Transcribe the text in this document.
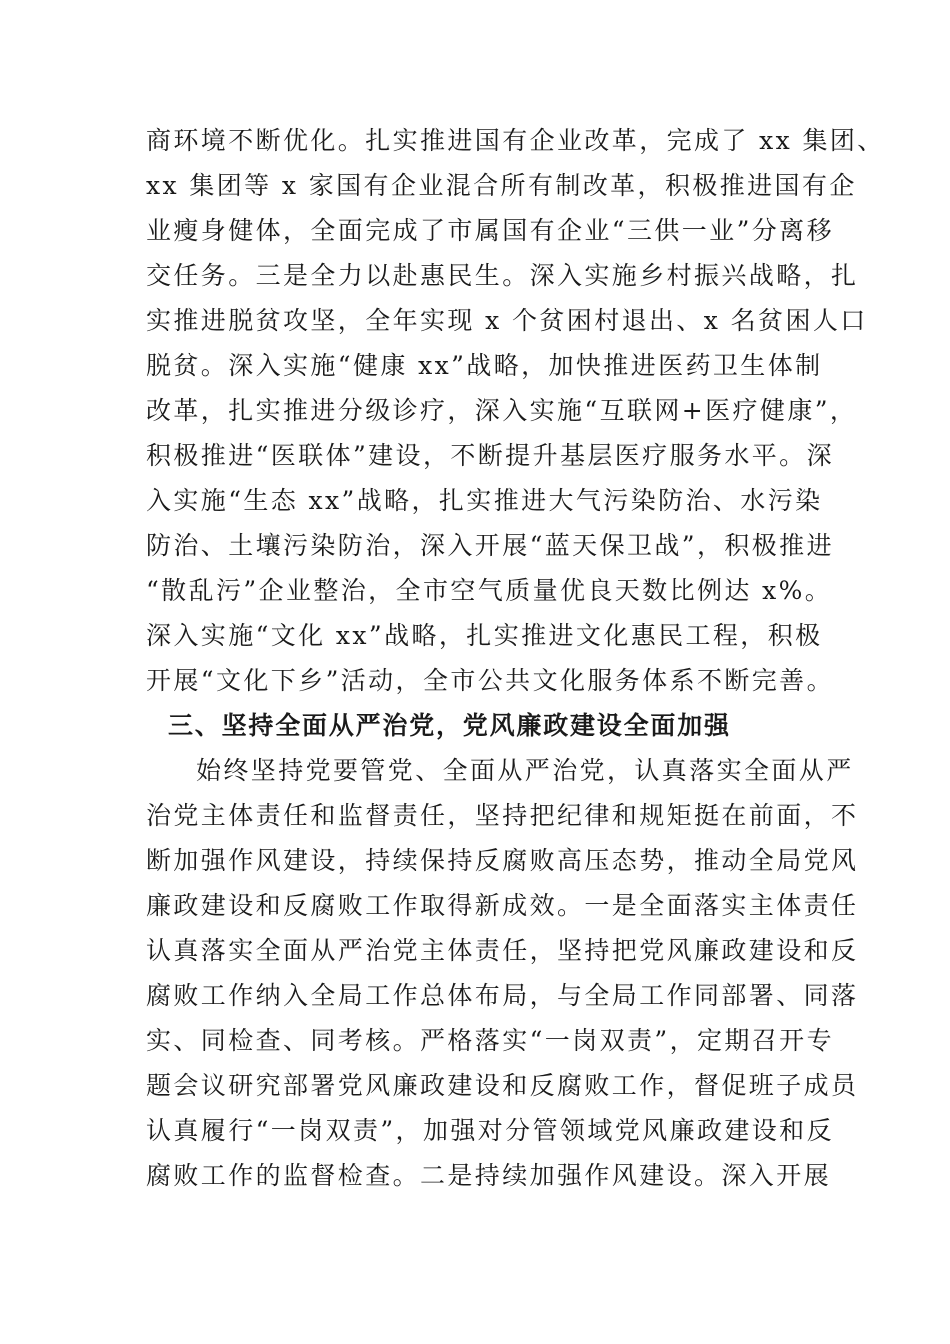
商环境不断优化。扎实推进国有企业改革，完成了 xx 集团、
xx 集团等 x 家国有企业混合所有制改革，积极推进国有企
业瘦身健体，全面完成了市属国有企业“三供一业”分离移
交任务。三是全力以赴惠民生。深入实施乡村振兴战略，扎
实推进脱贫攻坚，全年实现 x 个贫困村退出、x 名贫困人口
脱贫。深入实施“健康 xx”战略，加快推进医药卫生体制
改革，扎实推进分级诊疗，深入实施“互联网+医疗健康”，
积极推进“医联体”建设，不断提升基层医疗服务水平。深
入实施“生态 xx”战略，扎实推进大气污染防治、水污染
防治、土壤污染防治，深入开展“蓝天保卫战”，积极推进
“散乱污”企业整治，全市空气质量优良天数比例达 x%。
深入实施“文化 xx”战略，扎实推进文化惠民工程，积极
开展“文化下乡”活动，全市公共文化服务体系不断完善。
三、坚持全面从严治党，党风廉政建设全面加强
始终坚持党要管党、全面从严治党，认真落实全面从严
治党主体责任和监督责任，坚持把纪律和规矩挺在前面，不
断加强作风建设，持续保持反腐败高压态势，推动全局党风
廉政建设和反腐败工作取得新成效。一是全面落实主体责任
认真落实全面从严治党主体责任，坚持把党风廉政建设和反
腐败工作纳入全局工作总体布局，与全局工作同部署、同落
实、同检查、同考核。严格落实“一岗双责”，定期召开专
题会议研究部署党风廉政建设和反腐败工作，督促班子成员
认真履行“一岗双责”，加强对分管领域党风廉政建设和反
腐败工作的监督检查。二是持续加强作风建设。深入开展
